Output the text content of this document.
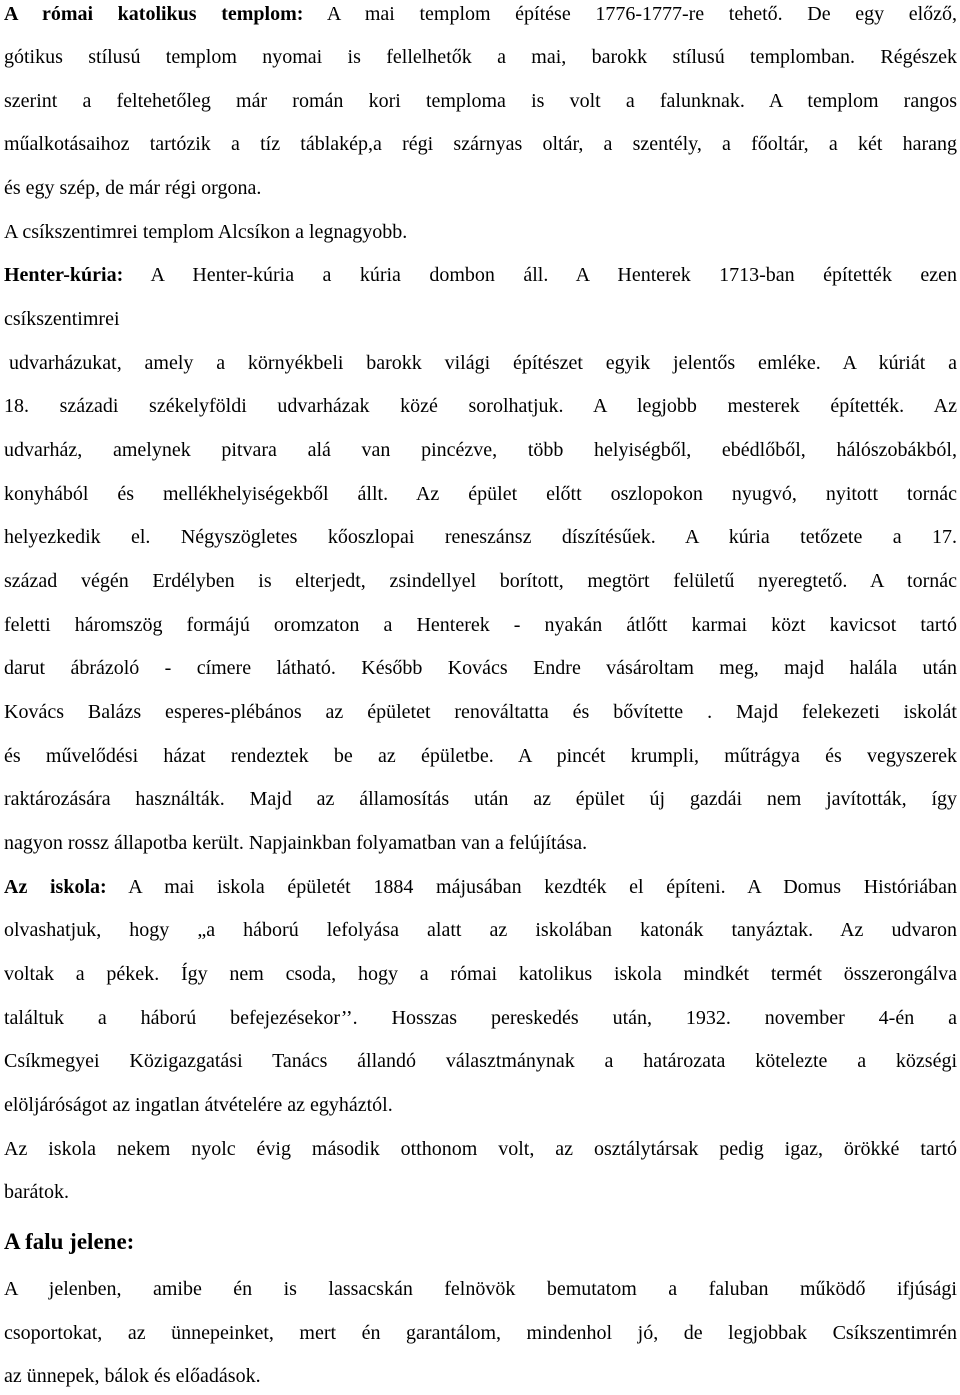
A római katolikus templom: A mai templom építése 1776-1777-re tehető. De egy előző,
gótikus stílusú templom nyomai is fellelhetők a mai, barokk stílusú templomban. Régészek
szerint a feltehetőleg már román kori temploma is volt a falunknak. A templom rangos
műalkotásaihoz tartózik a tíz táblakép,a régi szárnyas oltár, a szentély, a főoltár, a két harang
és egy szép, de már régi orgona.
A csíkszentimrei templom Alcsíkon a legnagyobb.
Henter-kúria: A Henter-kúria a kúria dombon áll. A Henterek 1713-ban építették ezen
csíkszentimrei
udvarházukat, amely a környékbeli barokk világi építészet egyik jelentős emléke. A kúriát a
18. századi székelyföldi udvarházak közé sorolhatjuk. A legjobb mesterek építették. Az
udvarház, amelynek pitvara alá van pincézve, több helyiségből, ebédlőből, hálószobákból,
konyhából és mellékhelyiségekből állt. Az épület előtt oszlopokon nyugvó, nyitott tornác
helyezkedik el. Négyszögletes kőoszlopai reneszánsz díszítésűek. A kúria tetőzete a 17.
század végén Erdélyben is elterjedt, zsindellyel borított, megtört felületű nyeregtető. A tornác
feletti háromszög formájú oromzaton a Henterek - nyakán átlőtt karmai közt kavicsot tartó
darut ábrázoló - címere látható. Később Kovács Endre vásároltam meg, majd halála után
Kovács Balázs esperes-plébános az épületet renováltatta és bővítette . Majd felekezeti iskolát
és művelődési házat rendeztek be az épületbe. A pincét krumpli, műtrágya és vegyszerek
raktározására használták. Majd az államosítás után az épület új gazdái nem javították, így
nagyon rossz állapotba került. Napjainkban folyamatban van a felújítása.
Az iskola: A mai iskola épületét 1884 májusában kezdték el építeni. A Domus Históriában
olvashatjuk, hogy „a háború lefolyása alatt az iskolában katonák tanyáztak. Az udvaron
voltak a pékek. Így nem csoda, hogy a római katolikus iskola mindkét termét összerongálva
találtuk a háború befejezésekor’’. Hosszas pereskedés után, 1932. november 4-én a
Csíkmegyei Közigazgatási Tanács állandó választmánynak a határozata kötelezte a községi
elöljáróságot az ingatlan átvételére az egyháztól.
Az iskola nekem nyolc évig második otthonom volt, az osztálytársak pedig igaz, örökké tartó
barátok.
A falu jelene:
A jelenben, amibe én is lassacskán felnövök bemutatom a faluban működő ifjúsági
csoportokat, az ünnepeinket, mert én garantálom, mindenhol jó, de legjobbak Csíkszentimrén
az ünnepek, bálok és előadások.
